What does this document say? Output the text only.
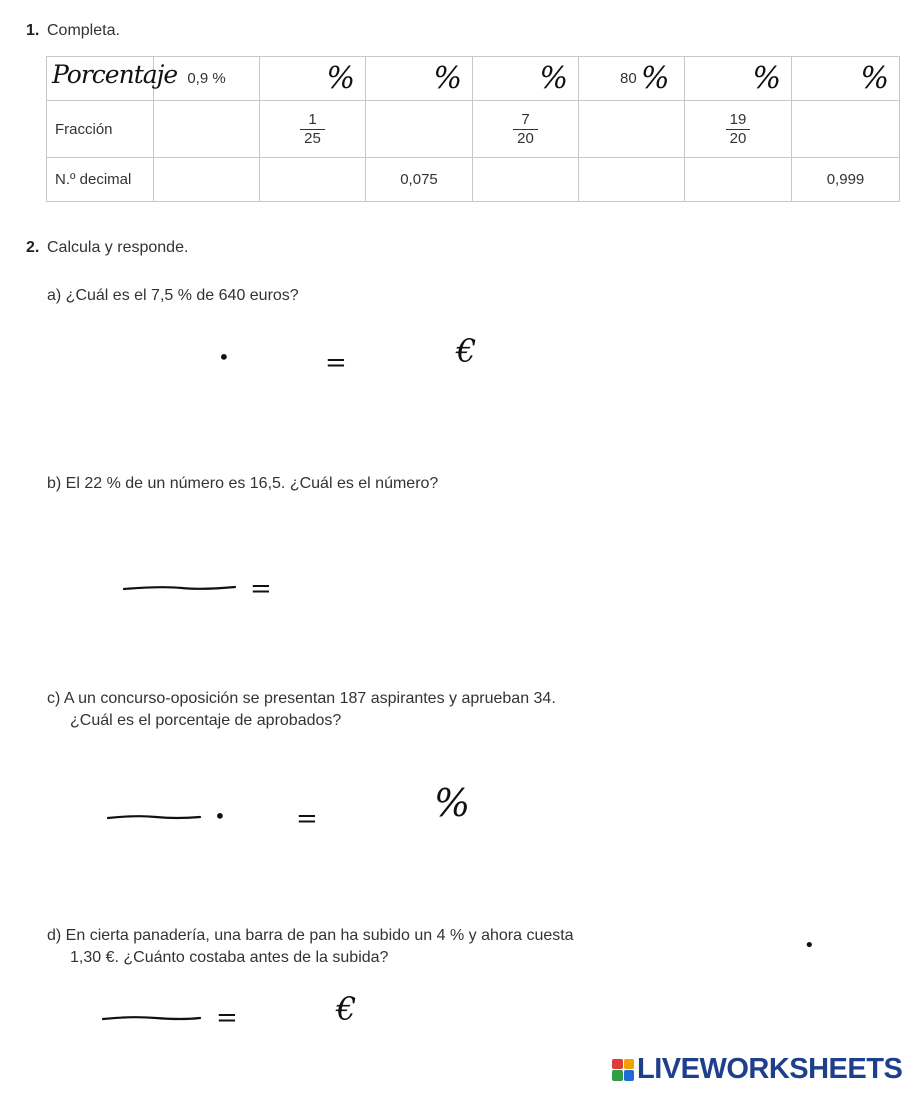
1. Completa.
Porcentaje	0,9 %	%	%	%	80 %	%	%

Fracción		$\frac{1}{25}$		$\frac{7}{20}$		$\frac{19}{20}$

N.º decimal			0,075				0,999
2. Calcula y responde.
a) ¿Cuál es el 7,5 % de 640 euros?
•	=	€
b) El 22 % de un número es 16,5. ¿Cuál es el número?
=
c) A un concurso-oposición se presentan 187 aspirantes y aprueban 34.
¿Cuál es el porcentaje de aprobados?
•	=	%
d) En cierta panadería, una barra de pan ha subido un 4 % y ahora cuesta
1,30 €. ¿Cuánto costaba antes de la subida?
•
=	€
LIVEWORKSHEETS
